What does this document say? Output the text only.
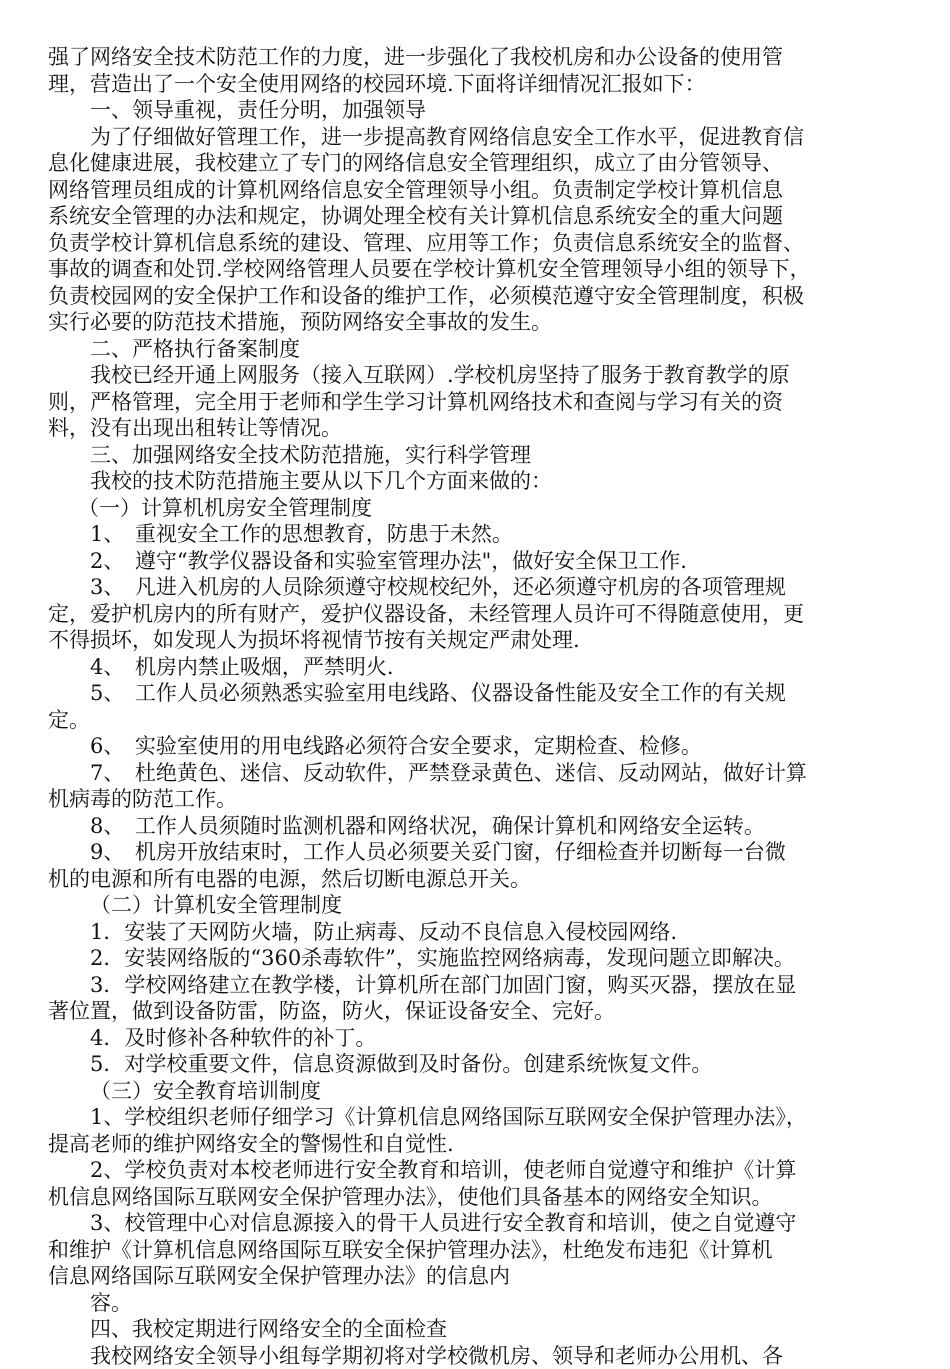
强了网络安全技术防范工作的力度，进一步强化了我校机房和办公设备的使用管
理，营造出了一个安全使用网络的校园环境.下面将详细情况汇报如下：
一、领导重视，责任分明，加强领导
为了仔细做好管理工作，进一步提高教育网络信息安全工作水平，促进教育信
息化健康进展，我校建立了专门的网络信息安全管理组织，成立了由分管领导、
网络管理员组成的计算机网络信息安全管理领导小组。负责制定学校计算机信息
系统安全管理的办法和规定，协调处理全校有关计算机信息系统安全的重大问题
负责学校计算机信息系统的建设、管理、应用等工作；负责信息系统安全的监督、
事故的调查和处罚.学校网络管理人员要在学校计算机安全管理领导小组的领导下，
负责校园网的安全保护工作和设备的维护工作，必须模范遵守安全管理制度，积极
实行必要的防范技术措施，预防网络安全事故的发生。
二、严格执行备案制度
我校已经开通上网服务（接入互联网）.学校机房坚持了服务于教育教学的原
则，严格管理，完全用于老师和学生学习计算机网络技术和查阅与学习有关的资
料，没有出现出租转让等情况。
三、加强网络安全技术防范措施，实行科学管理
我校的技术防范措施主要从以下几个方面来做的：
（一）计算机机房安全管理制度
1、　重视安全工作的思想教育，防患于未然。
2、　遵守“教学仪器设备和实验室管理办法"，做好安全保卫工作.
3、　凡进入机房的人员除须遵守校规校纪外，还必须遵守机房的各项管理规
定，爱护机房内的所有财产，爱护仪器设备，未经管理人员许可不得随意使用，更
不得损坏，如发现人为损坏将视情节按有关规定严肃处理.
4、　机房内禁止吸烟，严禁明火.
5、　工作人员必须熟悉实验室用电线路、仪器设备性能及安全工作的有关规
定。
6、　实验室使用的用电线路必须符合安全要求，定期检查、检修。
7、　杜绝黄色、迷信、反动软件，严禁登录黄色、迷信、反动网站，做好计算
机病毒的防范工作。
8、　工作人员须随时监测机器和网络状况，确保计算机和网络安全运转。
9、　机房开放结束时，工作人员必须要关妥门窗，仔细检查并切断每一台微
机的电源和所有电器的电源，然后切断电源总开关。
（二）计算机安全管理制度
1．安装了天网防火墙，防止病毒、反动不良信息入侵校园网络.
2．安装网络版的“360杀毒软件”，实施监控网络病毒，发现问题立即解决。
3．学校网络建立在教学楼，计算机所在部门加固门窗，购买灭器，摆放在显
著位置，做到设备防雷，防盗，防火，保证设备安全、完好。
4．及时修补各种软件的补丁。
5．对学校重要文件，信息资源做到及时备份。创建系统恢复文件。
（三）安全教育培训制度
1、学校组织老师仔细学习《计算机信息网络国际互联网安全保护管理办法》，
提高老师的维护网络安全的警惕性和自觉性.
2、学校负责对本校老师进行安全教育和培训，使老师自觉遵守和维护《计算
机信息网络国际互联网安全保护管理办法》，使他们具备基本的网络安全知识。
3、校管理中心对信息源接入的骨干人员进行安全教育和培训，使之自觉遵守
和维护《计算机信息网络国际互联安全保护管理办法》，杜绝发布违犯《计算机
信息网络国际互联网安全保护管理办法》的信息内
容。
四、我校定期进行网络安全的全面检查
我校网络安全领导小组每学期初将对学校微机房、领导和老师办公用机、各
